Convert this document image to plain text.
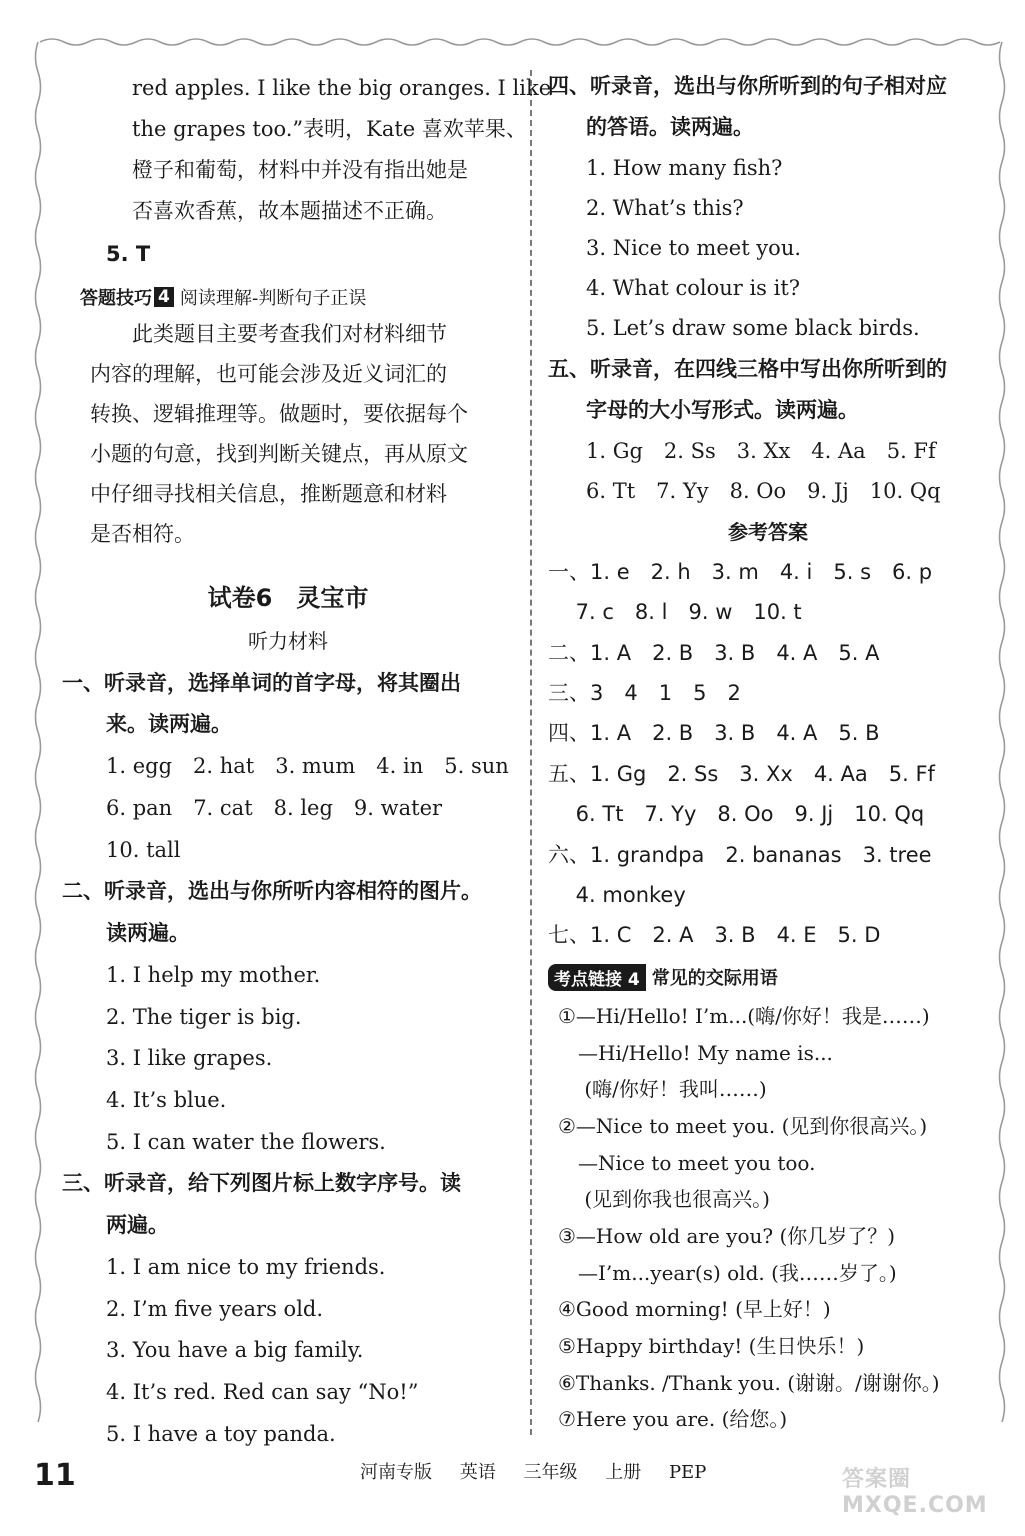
red apples. I like the big oranges. I like
the grapes too.”表明，Kate 喜欢苹果、
橙子和葡萄，材料中并没有指出她是
否喜欢香蕉，故本题描述不正确。
5. T
答题技巧 4 阅读理解-判断句子正误
此类题目主要考查我们对材料细节
内容的理解，也可能会涉及近义词汇的
转换、逻辑推理等。做题时，要依据每个
小题的句意，找到判断关键点，再从原文
中仔细寻找相关信息，推断题意和材料
是否相符。
试卷6　灵宝市
听力材料
一、听录音，选择单词的首字母，将其圈出
来。读两遍。
1. egg　2. hat　3. mum　4. in　5. sun
6. pan　7. cat　8. leg　9. water
10. tall
二、听录音，选出与你所听内容相符的图片。
读两遍。
1. I help my mother.
2. The tiger is big.
3. I like grapes.
4. It’s blue.
5. I can water the flowers.
三、听录音，给下列图片标上数字序号。读
两遍。
1. I am nice to my friends.
2. I’m five years old.
3. You have a big family.
4. It’s red. Red can say “No!”
5. I have a toy panda.
四、听录音，选出与你所听到的句子相对应
的答语。读两遍。
1. How many fish?
2. What’s this?
3. Nice to meet you.
4. What colour is it?
5. Let’s draw some black birds.
五、听录音，在四线三格中写出你所听到的
字母的大小写形式。读两遍。
1. Gg　2. Ss　3. Xx　4. Aa　5. Ff
6. Tt　7. Yy　8. Oo　9. Jj　10. Qq
参考答案
一、1. e　2. h　3. m　4. i　5. s　6. p
　 7. c　8. l　9. w　10. t
二、1. A　2. B　3. B　4. A　5. A
三、3　4　1　5　2
四、1. A　2. B　3. B　4. A　5. B
五、1. Gg　2. Ss　3. Xx　4. Aa　5. Ff
　 6. Tt　7. Yy　8. Oo　9. Jj　10. Qq
六、1. grandpa　2. bananas　3. tree
　 4. monkey
七、1. C　2. A　3. B　4. E　5. D
考点链接 4 常见的交际用语
①—Hi/Hello! I’m...(嗨/你好！我是……)
　—Hi/Hello! My name is...
　 (嗨/你好！我叫……)
②—Nice to meet you. (见到你很高兴。)
　—Nice to meet you too.
　 (见到你我也很高兴。)
③—How old are you? (你几岁了？)
　—I’m...year(s) old. (我……岁了。)
④Good morning! (早上好！)
⑤Happy birthday! (生日快乐！)
⑥Thanks. /Thank you. (谢谢。/谢谢你。)
⑦Here you are. (给您。)
11	河南专版 英语 三年级 上册 PEP	答案圈 MXQE.COM
